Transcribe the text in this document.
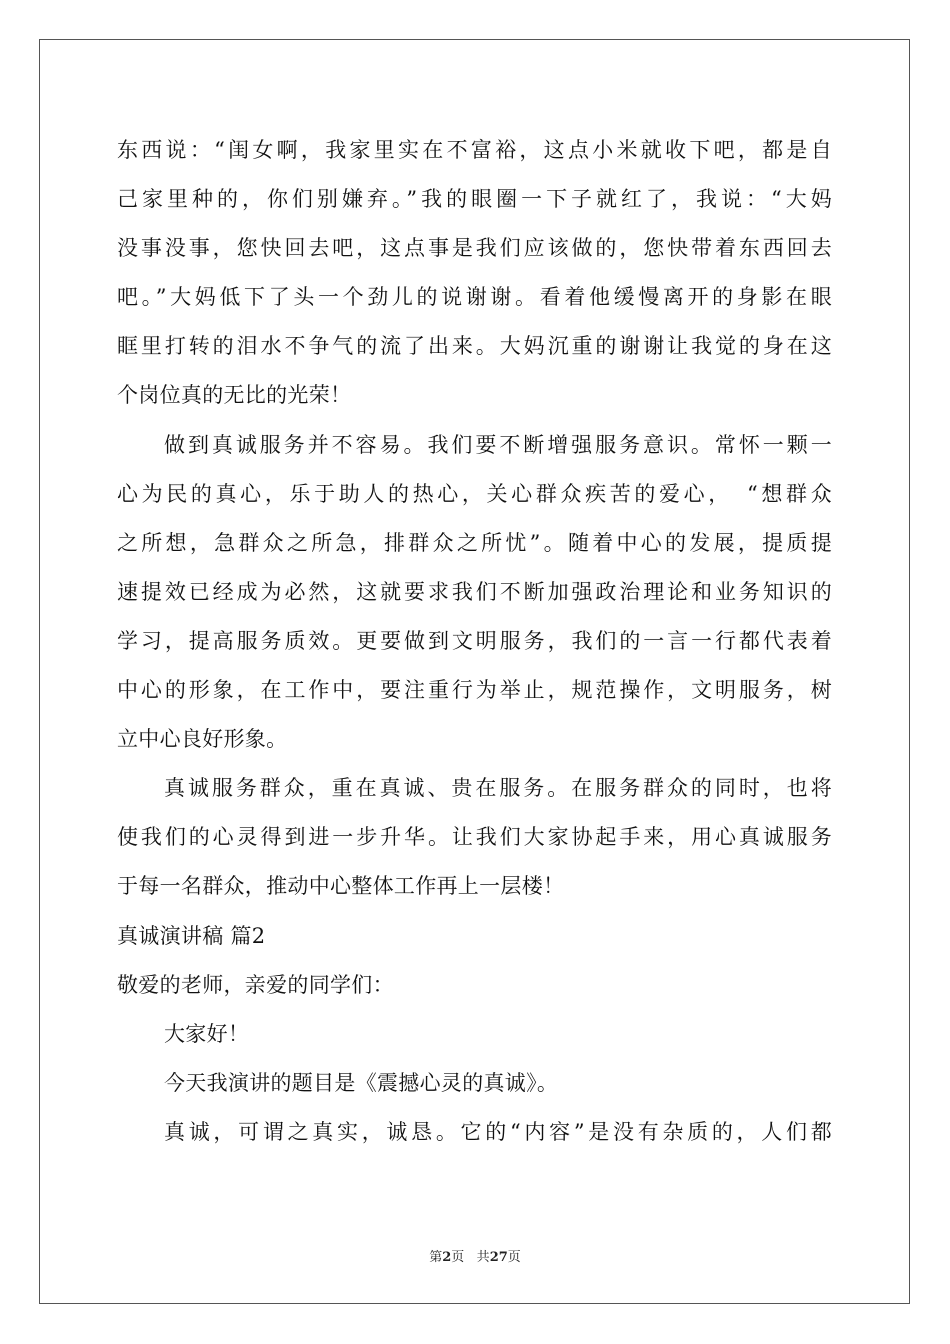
东西说：“闺女啊，我家里实在不富裕，这点小米就收下吧，都是自
己家里种的，你们别嫌弃。”我的眼圈一下子就红了，我说：“大妈
没事没事，您快回去吧，这点事是我们应该做的，您快带着东西回去
吧。”大妈低下了头一个劲儿的说谢谢。看着他缓慢离开的身影在眼
眶里打转的泪水不争气的流了出来。大妈沉重的谢谢让我觉的身在这
个岗位真的无比的光荣！
做到真诚服务并不容易。我们要不断增强服务意识。常怀一颗一
心为民的真心，乐于助人的热心，关心群众疾苦的爱心，　“想群众
之所想，急群众之所急，排群众之所忧”。随着中心的发展，提质提
速提效已经成为必然，这就要求我们不断加强政治理论和业务知识的
学习，提高服务质效。更要做到文明服务，我们的一言一行都代表着
中心的形象，在工作中，要注重行为举止，规范操作，文明服务，树
立中心良好形象。
真诚服务群众，重在真诚、贵在服务。在服务群众的同时，也将
使我们的心灵得到进一步升华。让我们大家协起手来，用心真诚服务
于每一名群众，推动中心整体工作再上一层楼！
真诚演讲稿 篇2
敬爱的老师，亲爱的同学们：
大家好！
今天我演讲的题目是《震撼心灵的真诚》。
真诚，可谓之真实，诚恳。它的“内容”是没有杂质的，人们都
第2页 共27页
